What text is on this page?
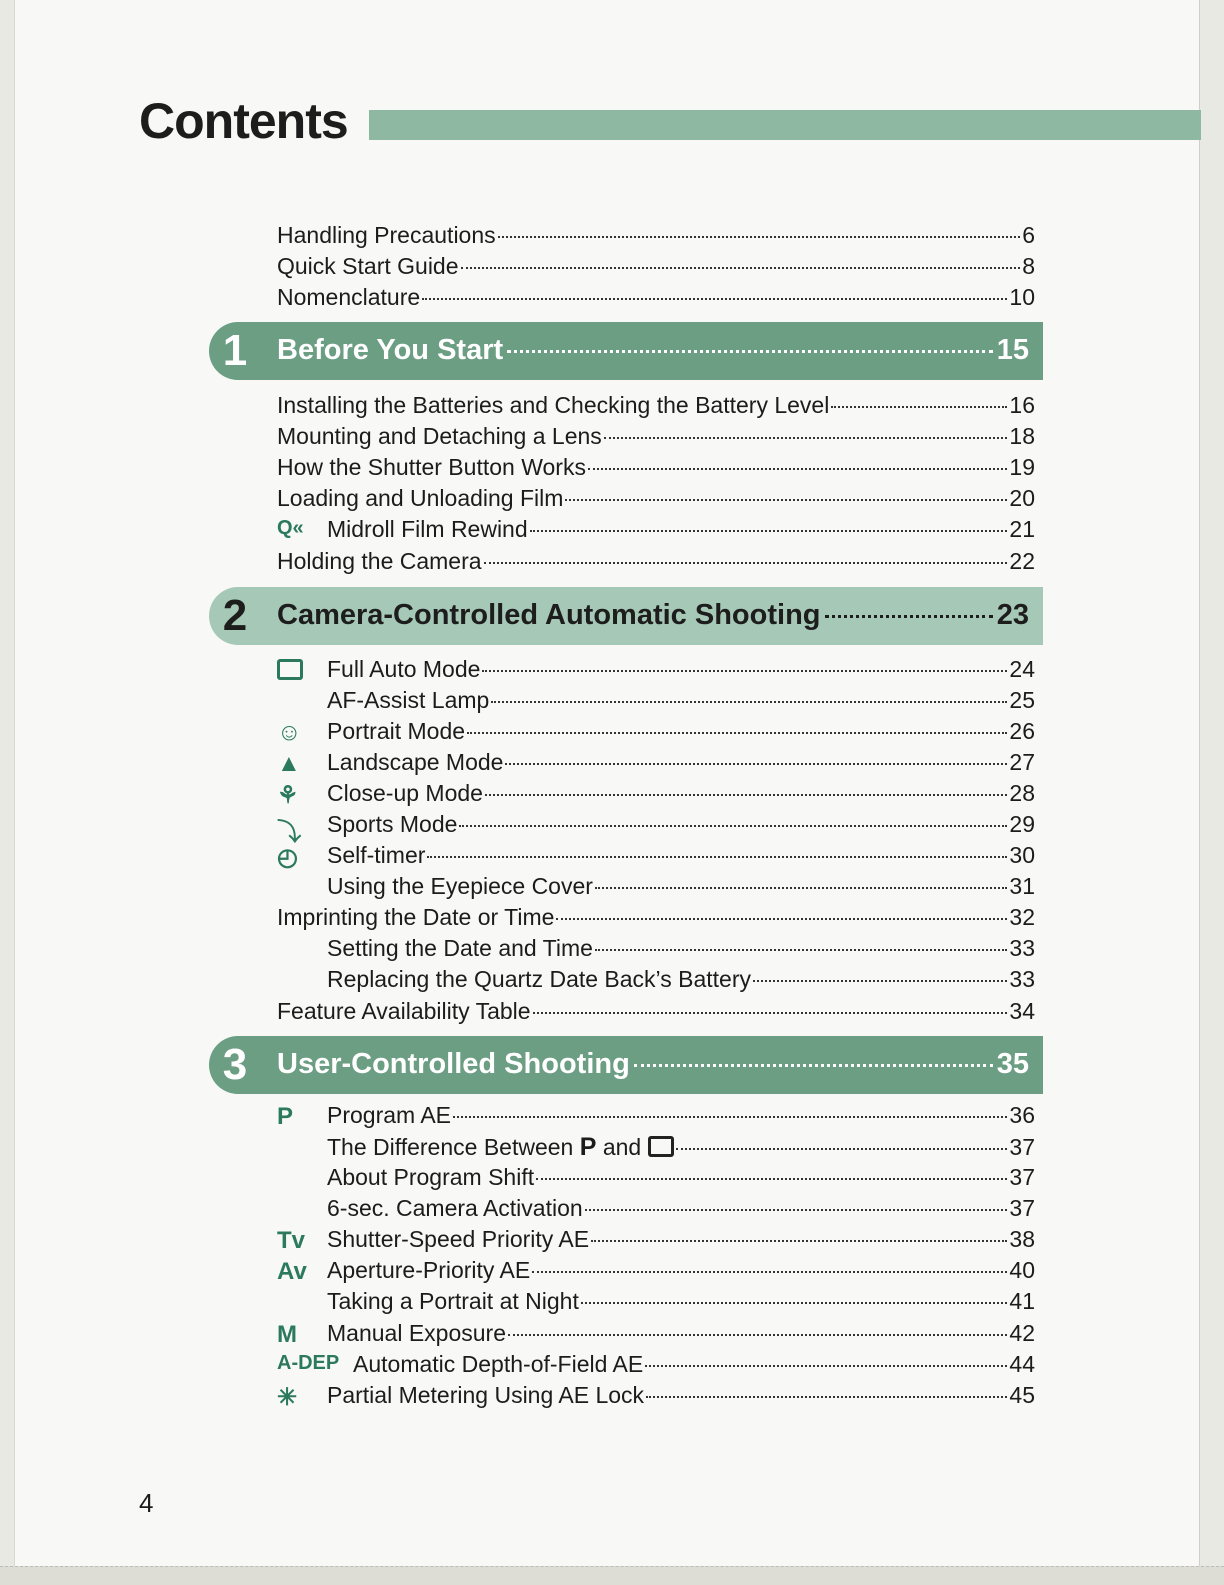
Contents
Handling Precautions	6
Quick Start Guide	8
Nomenclature	10
1 Before You Start	15
Installing the Batteries and Checking the Battery Level	16
Mounting and Detaching a Lens	18
How the Shutter Button Works	19
Loading and Unloading Film	20
Q«	Midroll Film Rewind	21
Holding the Camera	22
2 Camera-Controlled Automatic Shooting	23
Full Auto Mode	24
AF-Assist Lamp	25
☺	Portrait Mode	26
▲	Landscape Mode	27
⚘	Close-up Mode	28
⤵	Sports Mode	29
◴	Self-timer	30
Using the Eyepiece Cover	31
Imprinting the Date or Time	32
Setting the Date and Time	33
Replacing the Quartz Date Back’s Battery	33
Feature Availability Table	34
3 User-Controlled Shooting	35
P	Program AE	36
The Difference Between P and	37
About Program Shift	37
6-sec. Camera Activation	37
Tv Shutter-Speed Priority AE	38
Av Aperture-Priority AE	40
Taking a Portrait at Night	41
M	Manual Exposure	42
A-DEP Automatic Depth-of-Field AE	44
✳	Partial Metering Using AE Lock	45
4
